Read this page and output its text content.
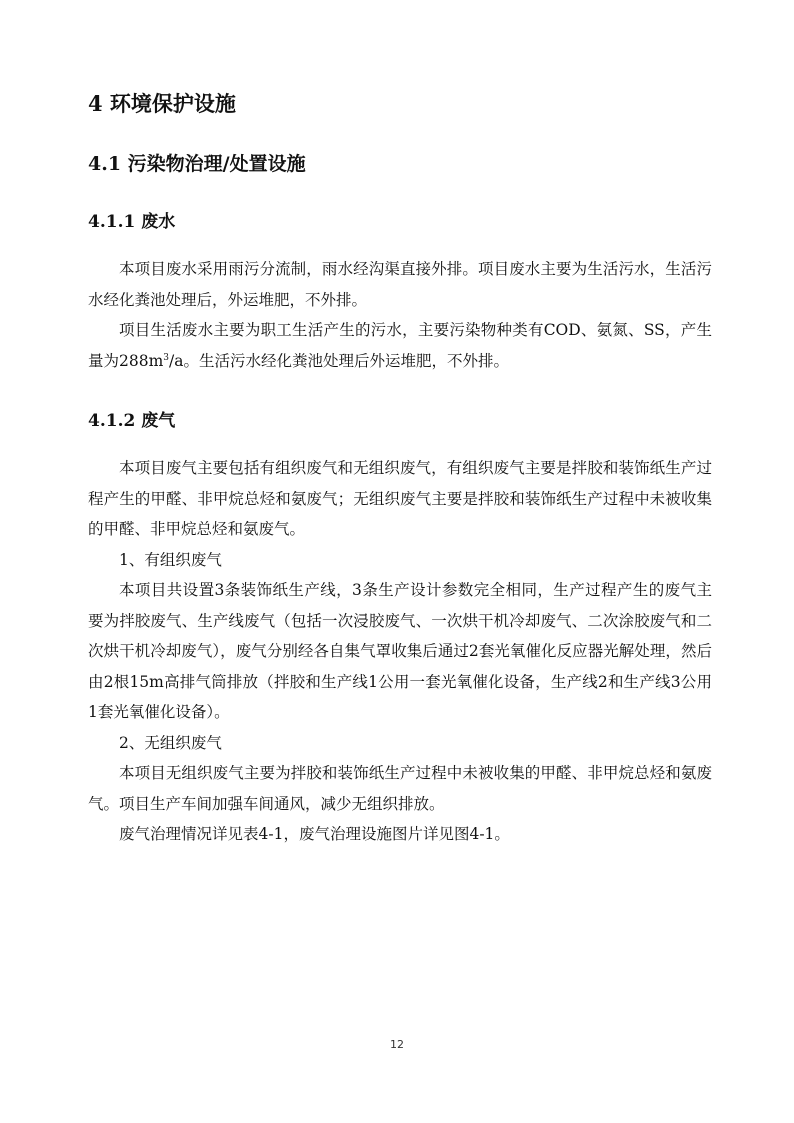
4 环境保护设施
4.1 污染物治理/处置设施
4.1.1 废水

本项目废水采用雨污分流制，雨水经沟渠直接外排。项目废水主要为生活污水，生活污水经化粪池处理后，外运堆肥，不外排。

项目生活废水主要为职工生活产生的污水，主要污染物种类有COD、氨氮、SS，产生量为$288m^3/a$。生活污水经化粪池处理后外运堆肥，不外排。

4.1.2 废气

本项目废气主要包括有组织废气和无组织废气，有组织废气主要是拌胶和装饰纸生产过程产生的甲醛、非甲烷总烃和氨废气；无组织废气主要是拌胶和装饰纸生产过程中未被收集的甲醛、非甲烷总烃和氨废气。

1、有组织废气

本项目共设置3条装饰纸生产线，3条生产设计参数完全相同，生产过程产生的废气主要为拌胶废气、生产线废气（包括一次浸胶废气、一次烘干机冷却废气、二次涂胶废气和二次烘干机冷却废气），废气分别经各自集气罩收集后通过2套光氧催化反应器光解处理，然后由2根15m高排气筒排放（拌胶和生产线1公用一套光氧催化设备，生产线2和生产线3公用1套光氧催化设备）。

2、无组织废气

本项目无组织废气主要为拌胶和装饰纸生产过程中未被收集的甲醛、非甲烷总烃和氨废气。项目生产车间加强车间通风，减少无组织排放。

废气治理情况详见表4-1，废气治理设施图片详见图4-1。

12
